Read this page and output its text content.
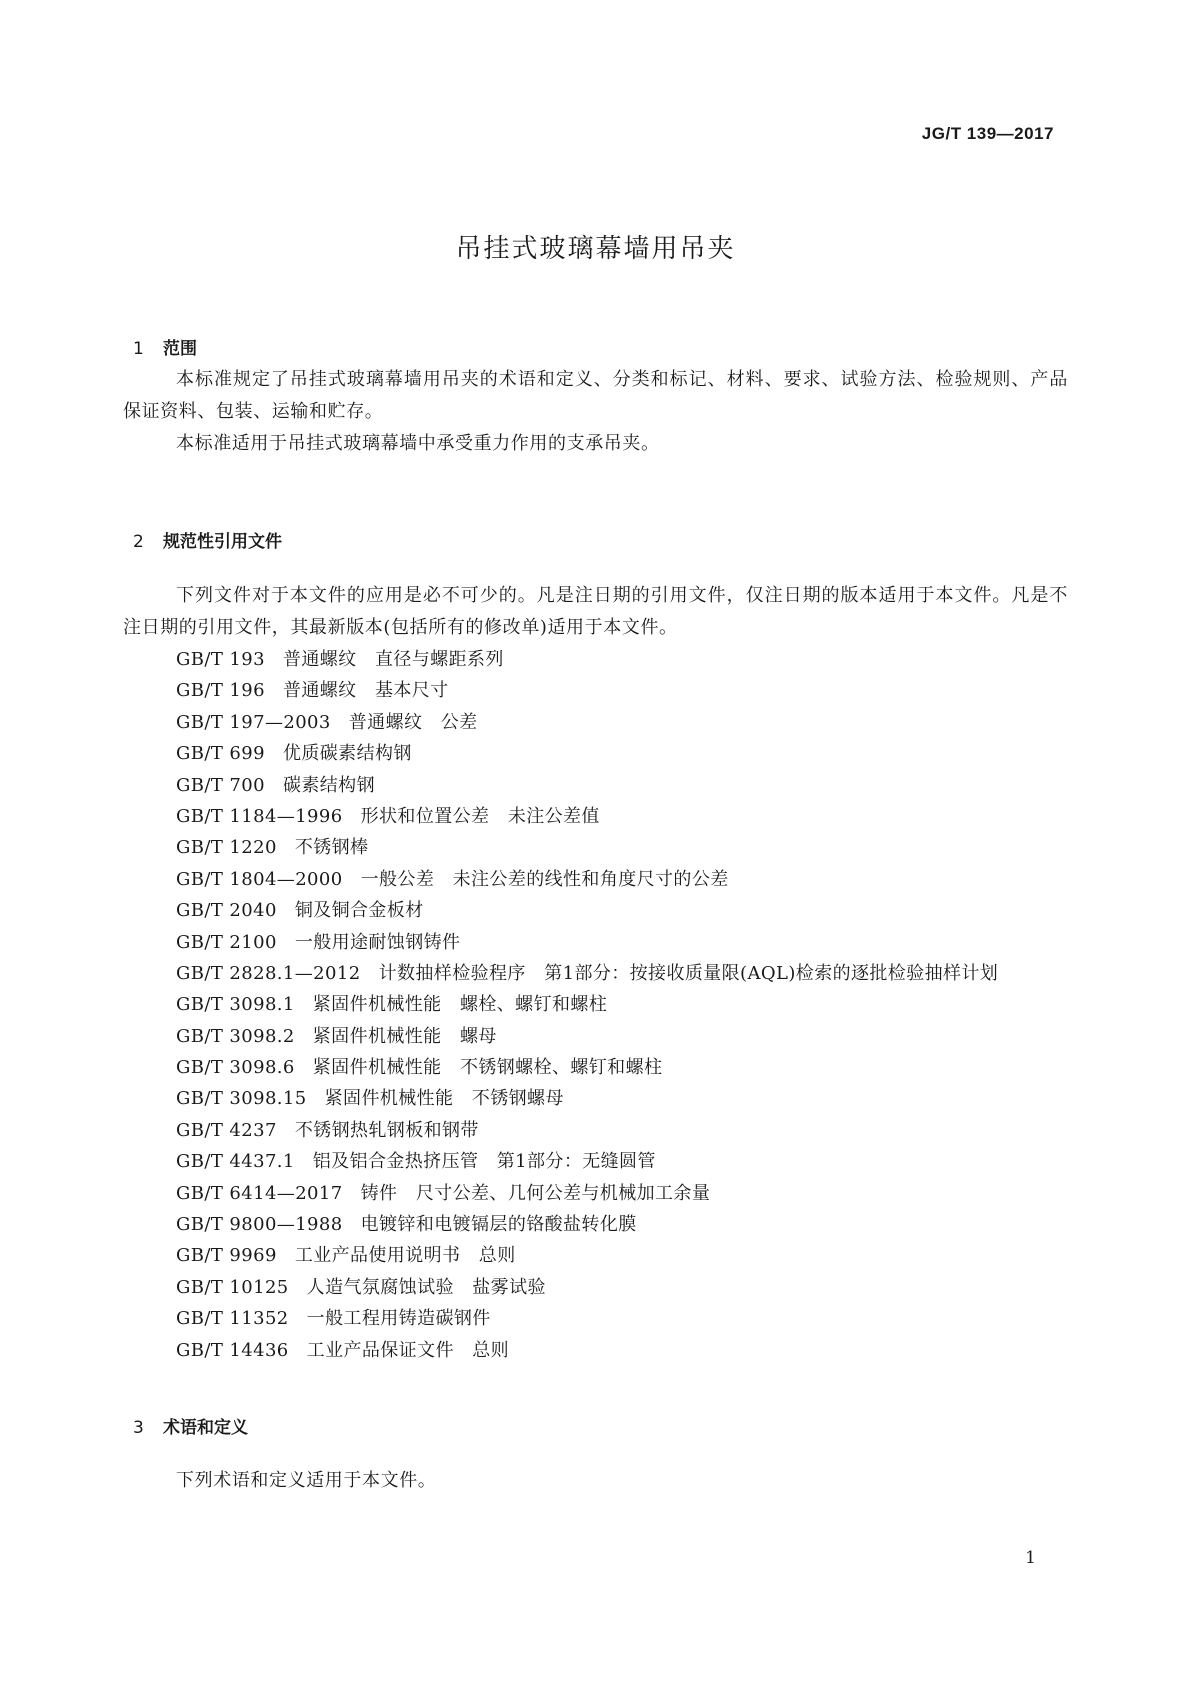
JG/T 139—2017
吊挂式玻璃幕墙用吊夹
1 范围
本标准规定了吊挂式玻璃幕墙用吊夹的术语和定义、分类和标记、材料、要求、试验方法、检验规则、产品保证资料、包装、运输和贮存。
本标准适用于吊挂式玻璃幕墙中承受重力作用的支承吊夹。
2 规范性引用文件
下列文件对于本文件的应用是必不可少的。凡是注日期的引用文件，仅注日期的版本适用于本文件。凡是不注日期的引用文件，其最新版本(包括所有的修改单)适用于本文件。
GB/T 193 普通螺纹　直径与螺距系列
GB/T 196 普通螺纹　基本尺寸
GB/T 197—2003 普通螺纹　公差
GB/T 699 优质碳素结构钢
GB/T 700 碳素结构钢
GB/T 1184—1996 形状和位置公差　未注公差值
GB/T 1220 不锈钢棒
GB/T 1804—2000 一般公差　未注公差的线性和角度尺寸的公差
GB/T 2040 铜及铜合金板材
GB/T 2100 一般用途耐蚀钢铸件
GB/T 2828.1—2012 计数抽样检验程序　第1部分：按接收质量限(AQL)检索的逐批检验抽样计划
GB/T 3098.1 紧固件机械性能　螺栓、螺钉和螺柱
GB/T 3098.2 紧固件机械性能　螺母
GB/T 3098.6 紧固件机械性能　不锈钢螺栓、螺钉和螺柱
GB/T 3098.15 紧固件机械性能　不锈钢螺母
GB/T 4237 不锈钢热轧钢板和钢带
GB/T 4437.1 铝及铝合金热挤压管　第1部分：无缝圆管
GB/T 6414—2017 铸件　尺寸公差、几何公差与机械加工余量
GB/T 9800—1988 电镀锌和电镀镉层的铬酸盐转化膜
GB/T 9969 工业产品使用说明书　总则
GB/T 10125 人造气氛腐蚀试验　盐雾试验
GB/T 11352 一般工程用铸造碳钢件
GB/T 14436 工业产品保证文件　总则
3 术语和定义
下列术语和定义适用于本文件。
1
